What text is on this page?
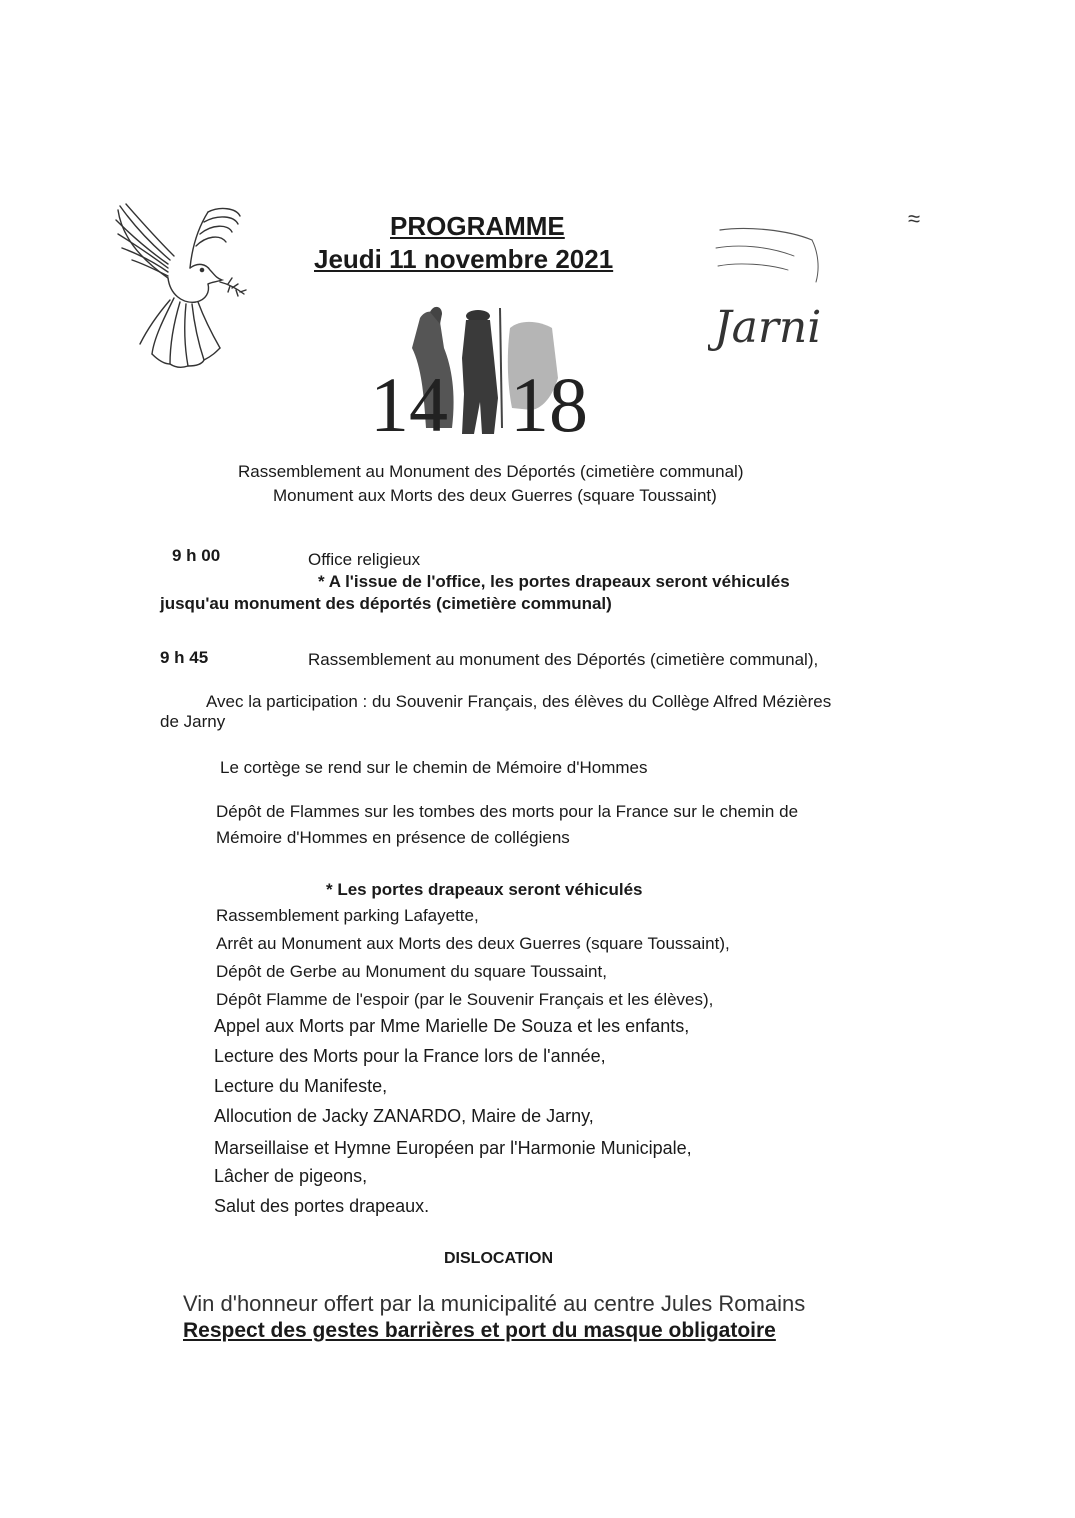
PROGRAMME

Jeudi 11 novembre 2021

14 18
Jarni
≈

Rassemblement au Monument des Déportés (cimetière communal)

Monument aux Morts des deux Guerres (square Toussaint)

9 h 00	Office religieux

* A l'issue de l'office, les portes drapeaux seront véhiculés

jusqu'au monument des déportés (cimetière communal)

9 h 45	Rassemblement au monument des Déportés (cimetière communal),

Avec la participation : du Souvenir Français, des élèves du Collège Alfred Mézières

de Jarny

Le cortège se rend sur le chemin de Mémoire d'Hommes

Dépôt de Flammes sur les tombes des morts pour la France sur le chemin de

Mémoire d'Hommes en présence de collégiens

* Les portes drapeaux seront véhiculés

Rassemblement parking Lafayette,

Arrêt au Monument aux Morts des deux Guerres (square Toussaint),

Dépôt de Gerbe au Monument du square Toussaint,

Dépôt Flamme de l'espoir (par le Souvenir Français et les élèves),

Appel aux Morts par Mme Marielle De Souza et les enfants,

Lecture des Morts pour la France lors de l'année,

Lecture du Manifeste,

Allocution de Jacky ZANARDO, Maire de Jarny,

Marseillaise et Hymne Européen par l'Harmonie Municipale,

Lâcher de pigeons,

Salut des portes drapeaux.

DISLOCATION

Vin d'honneur offert par la municipalité au centre Jules Romains

Respect des gestes barrières et port du masque obligatoire
